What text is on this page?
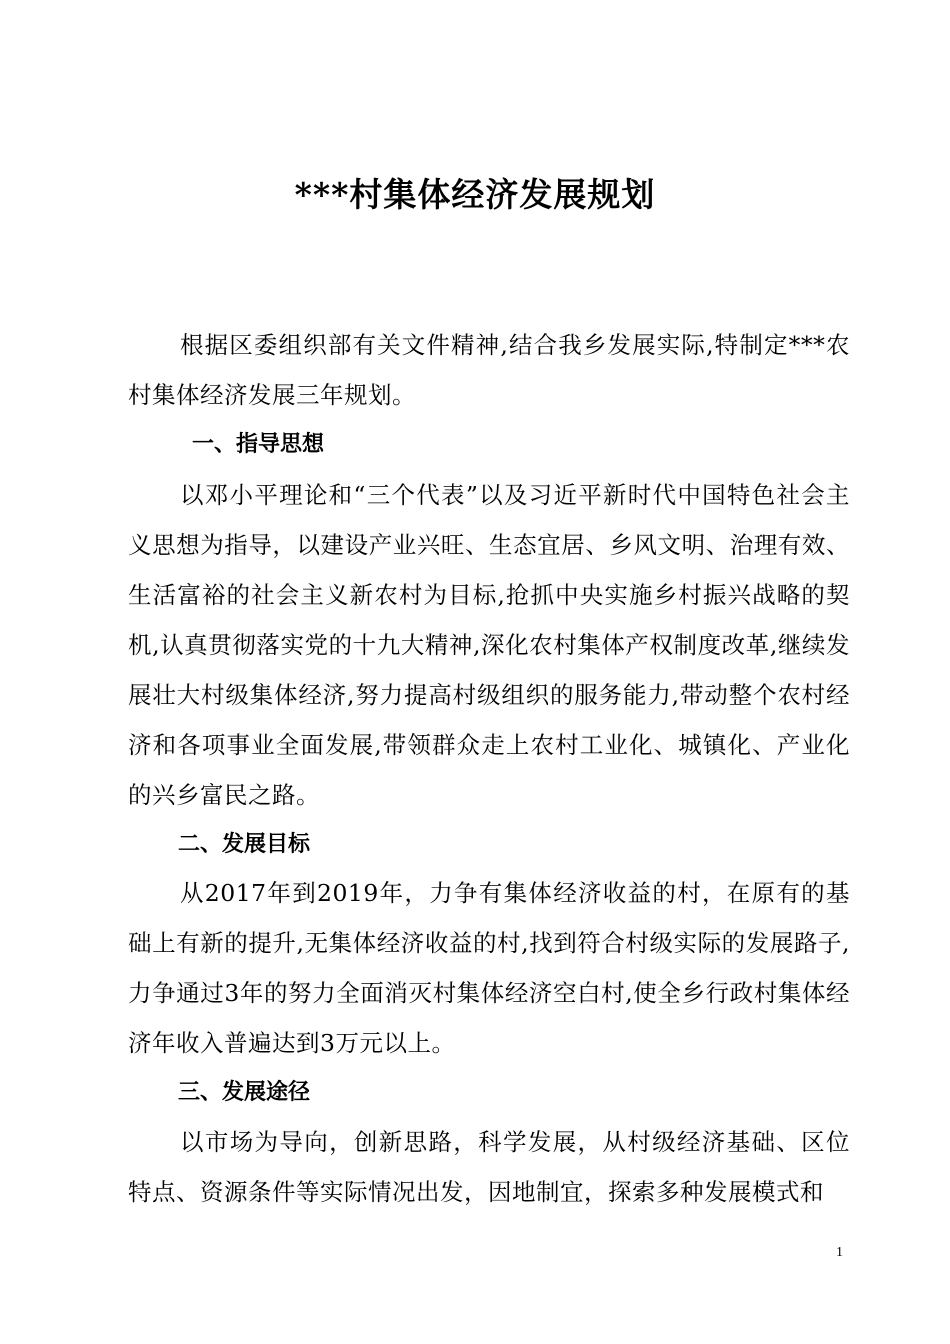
***村集体经济发展规划

根据区委组织部有关文件精神,结合我乡发展实际,特制定***农村集体经济发展三年规划。

一、指导思想

以邓小平理论和“三个代表”以及习近平新时代中国特色社会主义思想为指导，以建设产业兴旺、生态宜居、乡风文明、治理有效、生活富裕的社会主义新农村为目标,抢抓中央实施乡村振兴战略的契机,认真贯彻落实党的十九大精神,深化农村集体产权制度改革,继续发展壮大村级集体经济,努力提高村级组织的服务能力,带动整个农村经济和各项事业全面发展,带领群众走上农村工业化、城镇化、产业化的兴乡富民之路。

二、发展目标

从2017年到2019年，力争有集体经济收益的村，在原有的基础上有新的提升,无集体经济收益的村,找到符合村级实际的发展路子,力争通过3年的努力全面消灭村集体经济空白村,使全乡行政村集体经济年收入普遍达到3万元以上。

三、发展途径

以市场为导向，创新思路，科学发展，从村级经济基础、区位特点、资源条件等实际情况出发，因地制宜，探索多种发展模式和

1
